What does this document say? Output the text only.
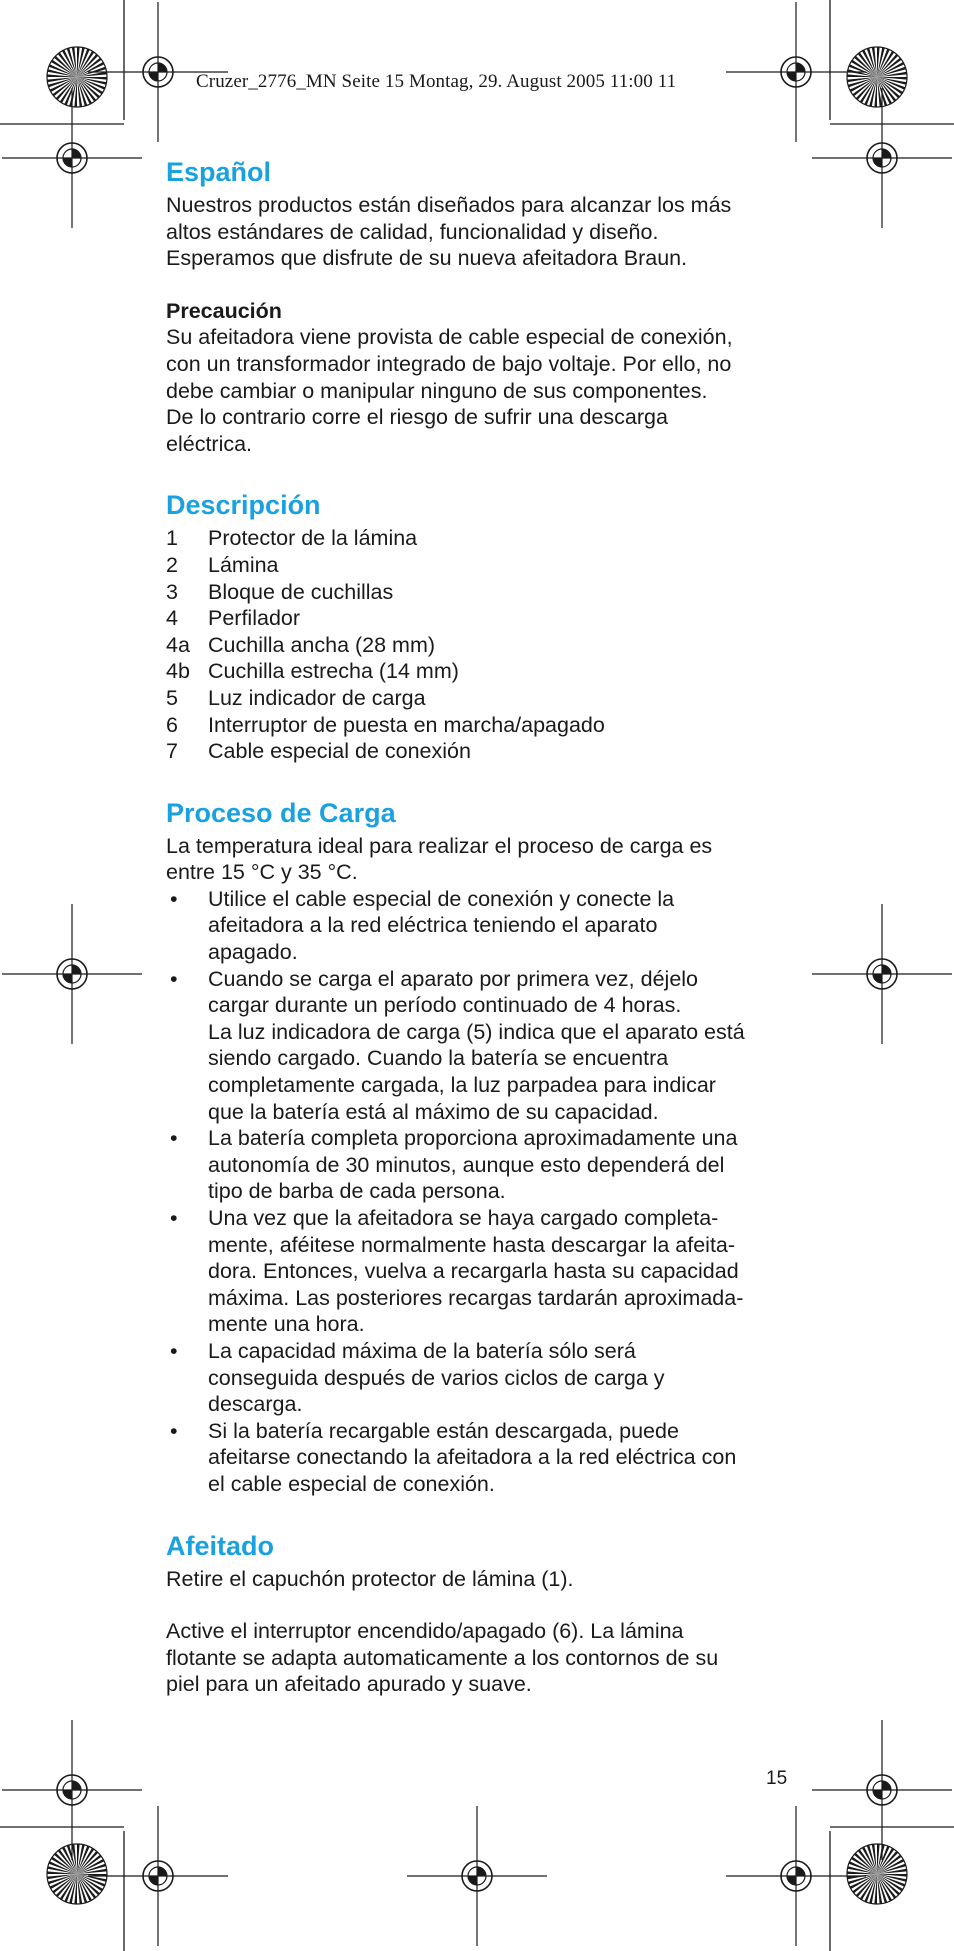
Cruzer_2776_MN Seite 15 Montag, 29. August 2005 11:00 11
Español

Nuestros productos están diseñados para alcanzar los más
altos estándares de calidad, funcionalidad y diseño.
Esperamos que disfrute de su nueva afeitadora Braun.

Precaución

Su afeitadora viene provista de cable especial de conexión,
con un transformador integrado de bajo voltaje. Por ello, no
debe cambiar o manipular ninguno de sus componentes.
De lo contrario corre el riesgo de sufrir una descarga
eléctrica.

Descripción
1 Protector de la lámina
2 Lámina
3 Bloque de cuchillas
4 Perfilador
4a Cuchilla ancha (28 mm)
4b Cuchilla estrecha (14 mm)
5 Luz indicador de carga
6 Interruptor de puesta en marcha/apagado
7 Cable especial de conexión
Proceso de Carga

La temperatura ideal para realizar el proceso de carga es
entre 15 °C y 35 °C.

• Utilice el cable especial de conexión y conecte la
afeitadora a la red eléctrica teniendo el aparato
apagado.
• Cuando se carga el aparato por primera vez, déjelo
cargar durante un período continuado de 4 horas.
La luz indicadora de carga (5) indica que el aparato está
siendo cargado. Cuando la batería se encuentra
completamente cargada, la luz parpadea para indicar
que la batería está al máximo de su capacidad.
• La batería completa proporciona aproximadamente una
autonomía de 30 minutos, aunque esto dependerá del
tipo de barba de cada persona.
• Una vez que la afeitadora se haya cargado completa-
mente, aféitese normalmente hasta descargar la afeita-
dora. Entonces, vuelva a recargarla hasta su capacidad
máxima. Las posteriores recargas tardarán aproximada-
mente una hora.
• La capacidad máxima de la batería sólo será
conseguida después de varios ciclos de carga y
descarga.
• Si la batería recargable están descargada, puede
afeitarse conectando la afeitadora a la red eléctrica con
el cable especial de conexión.
Afeitado

Retire el capuchón protector de lámina (1).

Active el interruptor encendido/apagado (6). La lámina
flotante se adapta automaticamente a los contornos de su
piel para un afeitado apurado y suave.

15
